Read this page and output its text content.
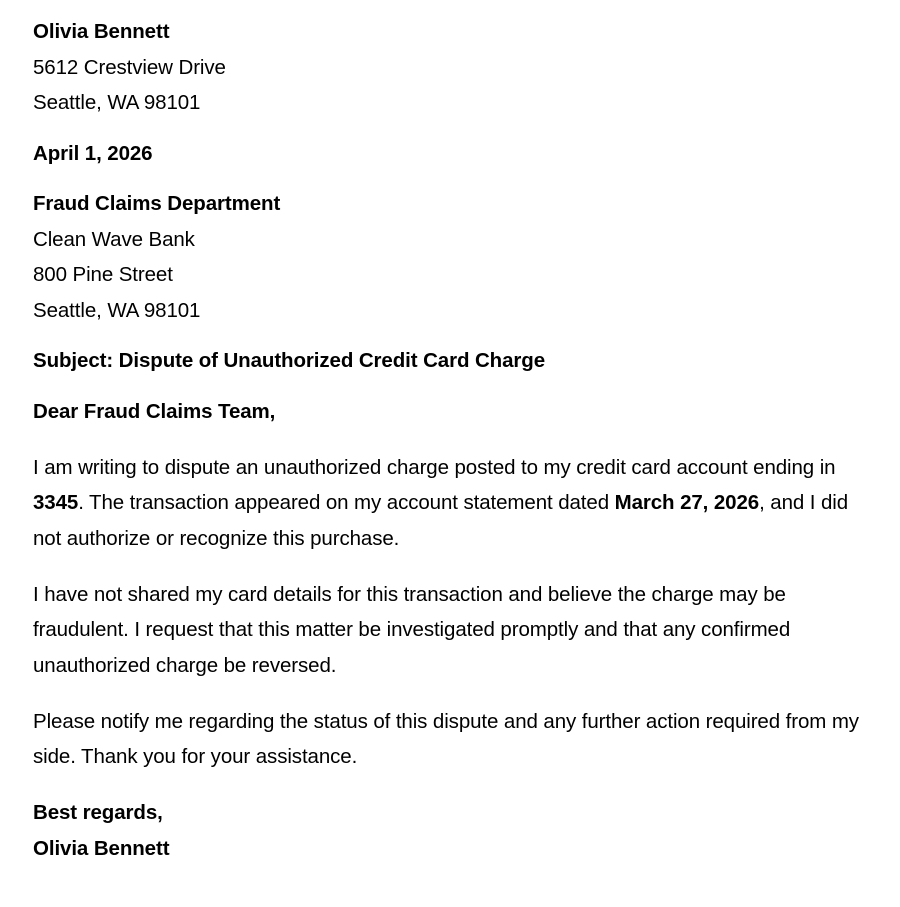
Olivia Bennett
5612 Crestview Drive
Seattle, WA 98101
April 1, 2026
Fraud Claims Department
Clean Wave Bank
800 Pine Street
Seattle, WA 98101
Subject: Dispute of Unauthorized Credit Card Charge
Dear Fraud Claims Team,

I am writing to dispute an unauthorized charge posted to my credit card account ending in 3345. The transaction appeared on my account statement dated March 27, 2026, and I did not authorize or recognize this purchase.

I have not shared my card details for this transaction and believe the charge may be fraudulent. I request that this matter be investigated promptly and that any confirmed unauthorized charge be reversed.

Please notify me regarding the status of this dispute and any further action required from my side. Thank you for your assistance.

Best regards,
Olivia Bennett
